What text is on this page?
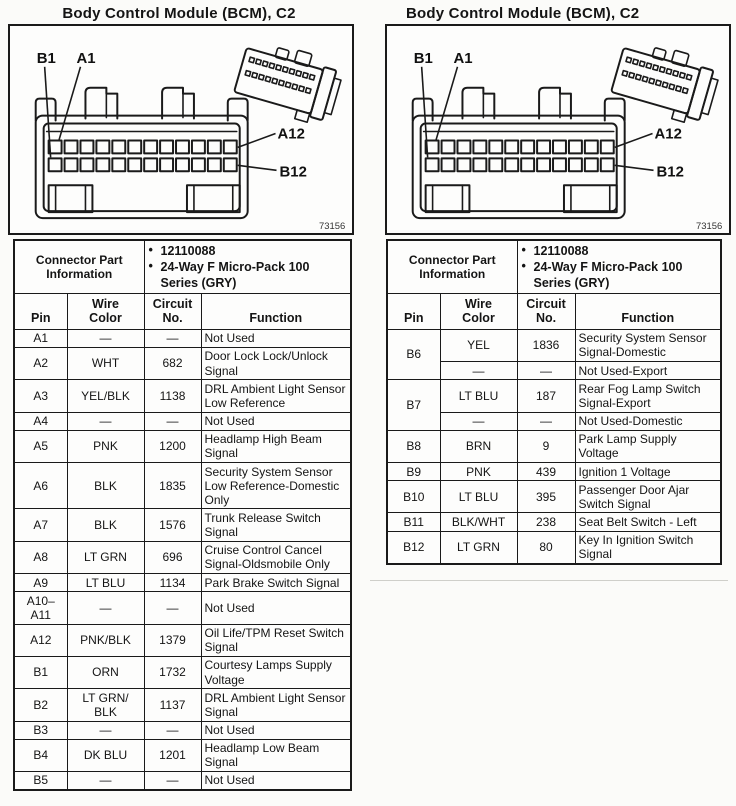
Body Control Module (BCM), C2
B1 A1
A12
B12
73156
Connector Part Information	
• 12110088
• 24-Way F Micro-Pack 100 Series (GRY)

Pin	Wire Color	Circuit No.	Function
A1	—	—	Not Used
A2	WHT	682	Door Lock Lock/Unlock Signal
A3	YEL/BLK	1138	DRL Ambient Light Sensor Low Reference
A4	—	—	Not Used
A5	PNK	1200	Headlamp High Beam Signal
A6	BLK	1835	Security System Sensor Low Reference-Domestic Only
A7	BLK	1576	Trunk Release Switch Signal
A8	LT GRN	696	Cruise Control Cancel Signal-Oldsmobile Only
A9	LT BLU	1134	Park Brake Switch Signal
A10– A11	—	—	Not Used
A12	PNK/BLK	1379	Oil Life/TPM Reset Switch Signal
B1	ORN	1732	Courtesy Lamps Supply Voltage
B2	LT GRN/ BLK	1137	DRL Ambient Light Sensor Signal
B3	—	—	Not Used
B4	DK BLU	1201	Headlamp Low Beam Signal
B5	—	—	Not Used
Body Control Module (BCM), C2
B1 A1
A12
B12
73156
Connector Part Information	
• 12110088
• 24-Way F Micro-Pack 100 Series (GRY)

Pin	Wire Color	Circuit No.	Function
B6	YEL	1836	Security System Sensor Signal-Domestic
	—	—	Not Used-Export
B7	LT BLU	187	Rear Fog Lamp Switch Signal-Export
	—	—	Not Used-Domestic
B8	BRN	9	Park Lamp Supply Voltage
B9	PNK	439	Ignition 1 Voltage
B10	LT BLU	395	Passenger Door Ajar Switch Signal
B11	BLK/WHT	238	Seat Belt Switch - Left
B12	LT GRN	80	Key In Ignition Switch Signal
